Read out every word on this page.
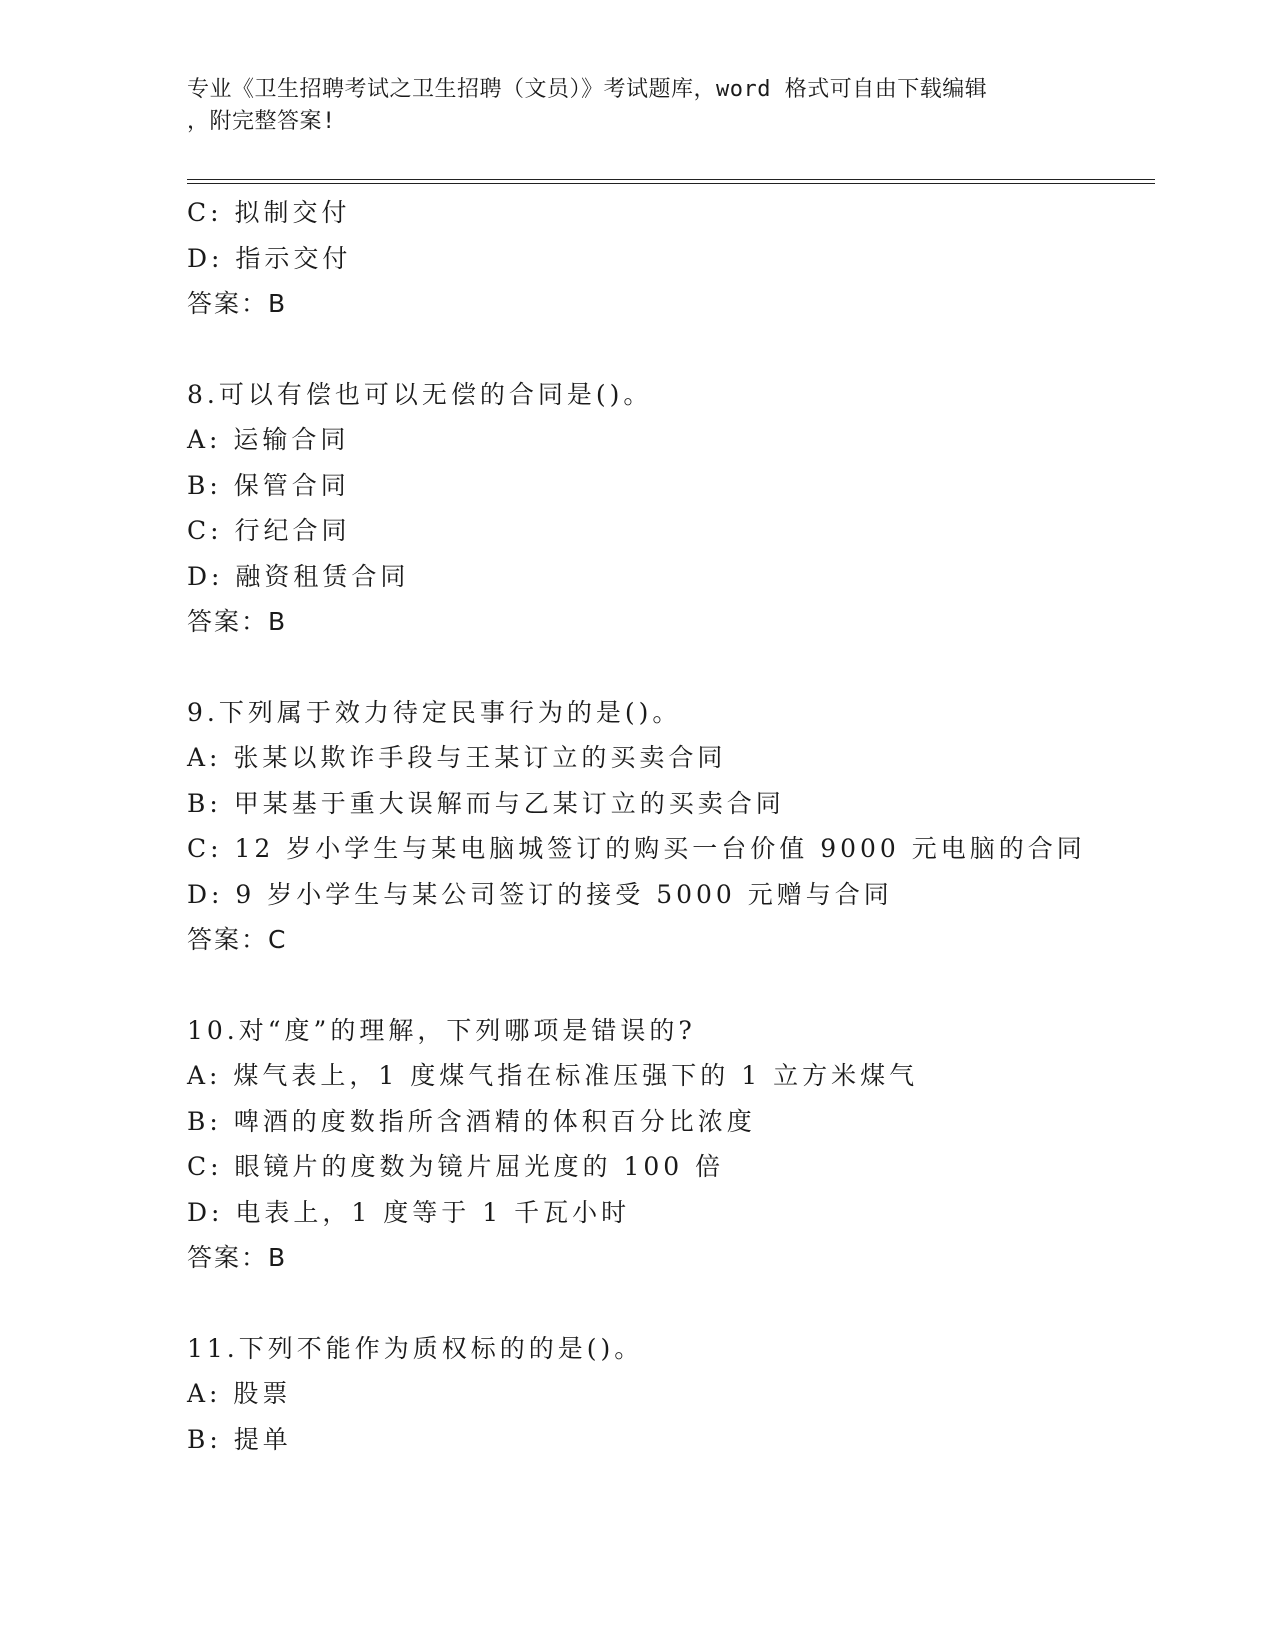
专业《卫生招聘考试之卫生招聘（文员）》考试题库，word 格式可自由下载编辑
，附完整答案!
C: 拟制交付
D: 指示交付
答案：B
8.可以有偿也可以无偿的合同是()。
A: 运输合同
B: 保管合同
C: 行纪合同
D: 融资租赁合同
答案：B
9.下列属于效力待定民事行为的是()。
A: 张某以欺诈手段与王某订立的买卖合同
B: 甲某基于重大误解而与乙某订立的买卖合同
C: 12 岁小学生与某电脑城签订的购买一台价值 9000 元电脑的合同
D: 9 岁小学生与某公司签订的接受 5000 元赠与合同
答案：C
10.对“度”的理解，下列哪项是错误的?
A: 煤气表上，1 度煤气指在标准压强下的 1 立方米煤气
B: 啤酒的度数指所含酒精的体积百分比浓度
C: 眼镜片的度数为镜片屈光度的 100 倍
D: 电表上，1 度等于 1 千瓦小时
答案：B
11.下列不能作为质权标的的是()。
A: 股票
B: 提单
